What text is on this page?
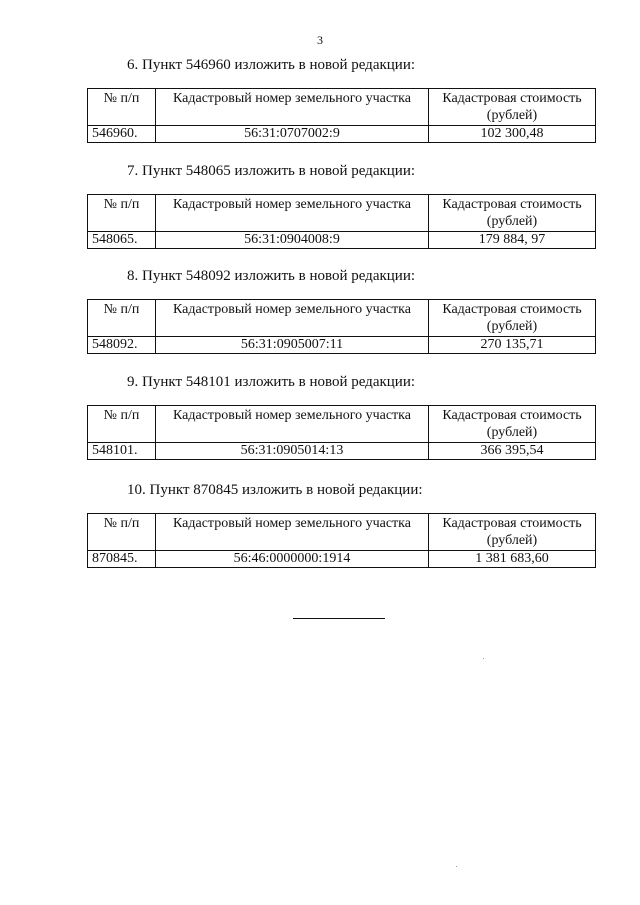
3
6. Пункт 546960 изложить в новой редакции:
№ п/п	Кадастровый номер земельного участка	Кадастровая стоимость (рублей)
546960.	56:31:0707002:9	102 300,48
7. Пункт 548065 изложить в новой редакции:
№ п/п	Кадастровый номер земельного участка	Кадастровая стоимость (рублей)
548065.	56:31:0904008:9	179 884, 97
8. Пункт 548092 изложить в новой редакции:
№ п/п	Кадастровый номер земельного участка	Кадастровая стоимость (рублей)
548092.	56:31:0905007:11	270 135,71
9. Пункт 548101 изложить в новой редакции:
№ п/п	Кадастровый номер земельного участка	Кадастровая стоимость (рублей)
548101.	56:31:0905014:13	366 395,54
10. Пункт 870845 изложить в новой редакции:
№ п/п	Кадастровый номер земельного участка	Кадастровая стоимость (рублей)
870845.	56:46:0000000:1914	1 381 683,60
